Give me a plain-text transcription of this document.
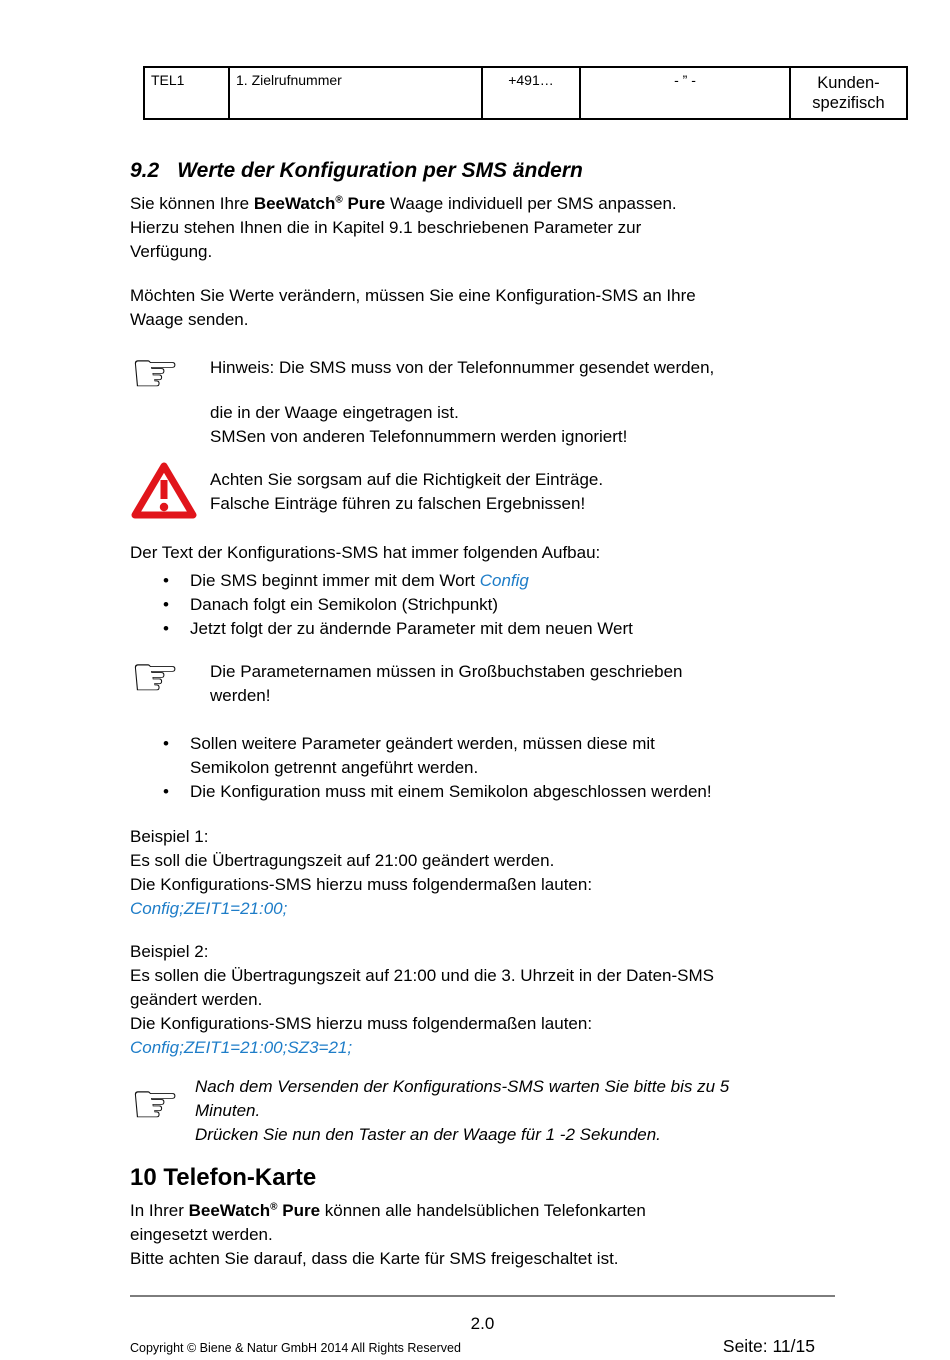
TEL1	1. Zielrufnummer	+491…	- ” -	Kunden-
spezifisch
9.2 Werte der Konfiguration per SMS ändern
Sie können Ihre BeeWatch® Pure Waage individuell per SMS anpassen.
Hierzu stehen Ihnen die in Kapitel 9.1 beschriebenen Parameter zur
Verfügung.
Möchten Sie Werte verändern, müssen Sie eine Konfiguration-SMS an Ihre
Waage senden.
☞	Hinweis: Die SMS muss von der Telefonnummer gesendet werden,
die in der Waage eingetragen ist.
SMSen von anderen Telefonnummern werden ignoriert!
Achten Sie sorgsam auf die Richtigkeit der Einträge.
Falsche Einträge führen zu falschen Ergebnissen!
Der Text der Konfigurations-SMS hat immer folgenden Aufbau:
•	Die SMS beginnt immer mit dem Wort Config
•	Danach folgt ein Semikolon (Strichpunkt)
•	Jetzt folgt der zu ändernde Parameter mit dem neuen Wert
☞	Die Parameternamen müssen in Großbuchstaben geschrieben
werden!
•	Sollen weitere Parameter geändert werden, müssen diese mit
Semikolon getrennt angeführt werden.
•	Die Konfiguration muss mit einem Semikolon abgeschlossen werden!
Beispiel 1:
Es soll die Übertragungszeit auf 21:00 geändert werden.
Die Konfigurations-SMS hierzu muss folgendermaßen lauten:
Config;ZEIT1=21:00;
Beispiel 2:
Es sollen die Übertragungszeit auf 21:00 und die 3. Uhrzeit in der Daten-SMS
geändert werden.
Die Konfigurations-SMS hierzu muss folgendermaßen lauten:
Config;ZEIT1=21:00;SZ3=21;
☞ Nach dem Versenden der Konfigurations-SMS warten Sie bitte bis zu 5
Minuten.
Drücken Sie nun den Taster an der Waage für 1 -2 Sekunden.
10 Telefon-Karte
In Ihrer BeeWatch® Pure können alle handelsüblichen Telefonkarten
eingesetzt werden.
Bitte achten Sie darauf, dass die Karte für SMS freigeschaltet ist.
2.0
Copyright © Biene & Natur GmbH 2014 All Rights Reserved	Seite: 11/15
